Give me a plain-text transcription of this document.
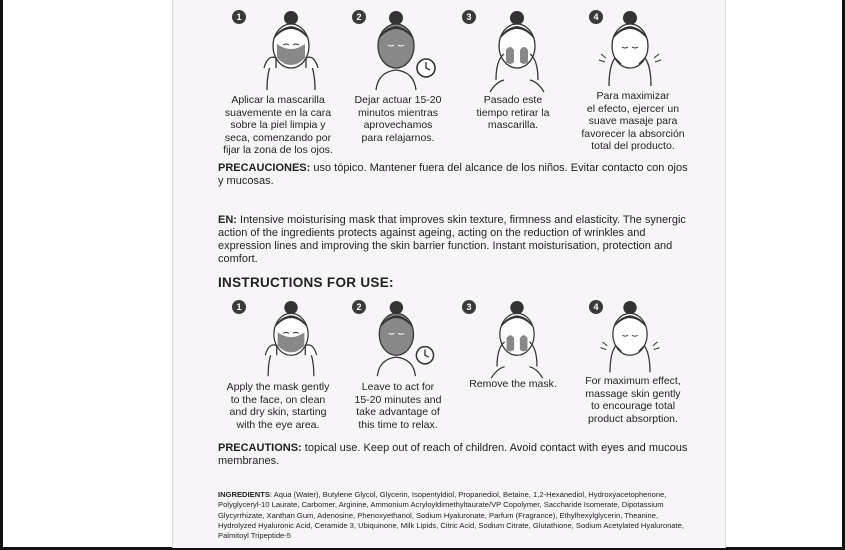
1	2	3	4
Aplicar la mascarilla
suavemente en la cara
sobre la piel limpia y
seca, comenzando por
fijar la zona de los ojos.
Dejar actuar 15-20
minutos mientras
aprovechamos
para relajarnos.
Pasado este
tiempo retirar la
mascarilla.
Para maximizar
el efecto, ejercer un
suave masaje para
favorecer la absorción
total del producto.
PRECAUCIONES: uso tópico. Mantener fuera del alcance de los niños. Evitar contacto con ojos y mucosas.
EN: Intensive moisturising mask that improves skin texture, firmness and elasticity. The synergic action of the ingredients protects against ageing, acting on the reduction of wrinkles and expression lines and improving the skin barrier function. Instant moisturisation, protection and comfort.
INSTRUCTIONS FOR USE:
1	2	3	4
Apply the mask gently
to the face, on clean
and dry skin, starting
with the eye area.
Leave to act for
15-20 minutes and
take advantage of
this time to relax.
Remove the mask.	For maximum effect,
massage skin gently
to encourage total
product absorption.
PRECAUTIONS: topical use. Keep out of reach of children. Avoid contact with eyes and mucous membranes.
INGREDIENTS: Aqua (Water), Butylene Glycol, Glycerin, Isopentyldiol, Propanediol, Betaine, 1,2-Hexanediol, Hydroxyacetophenone, Polyglyceryl-10 Laurate, Carbomer, Arginine, Ammonium Acryloyldimethyltaurate/VP Copolymer, Saccharide Isomerate, Dipotassium Glycyrrhizate, Xanthan Gum, Adenosine, Phenoxyethanol, Sodium Hyaluronate, Parfum (Fragrance), Ethylhexylglycerin, Theanine, Hydrolyzed Hyaluronic Acid, Ceramide 3, Ubiquinone, Milk Lipids, Citric Acid, Sodium Citrate, Glutathione, Sodium Acetylated Hyaluronate, Palmitoyl Tripeptide-5
